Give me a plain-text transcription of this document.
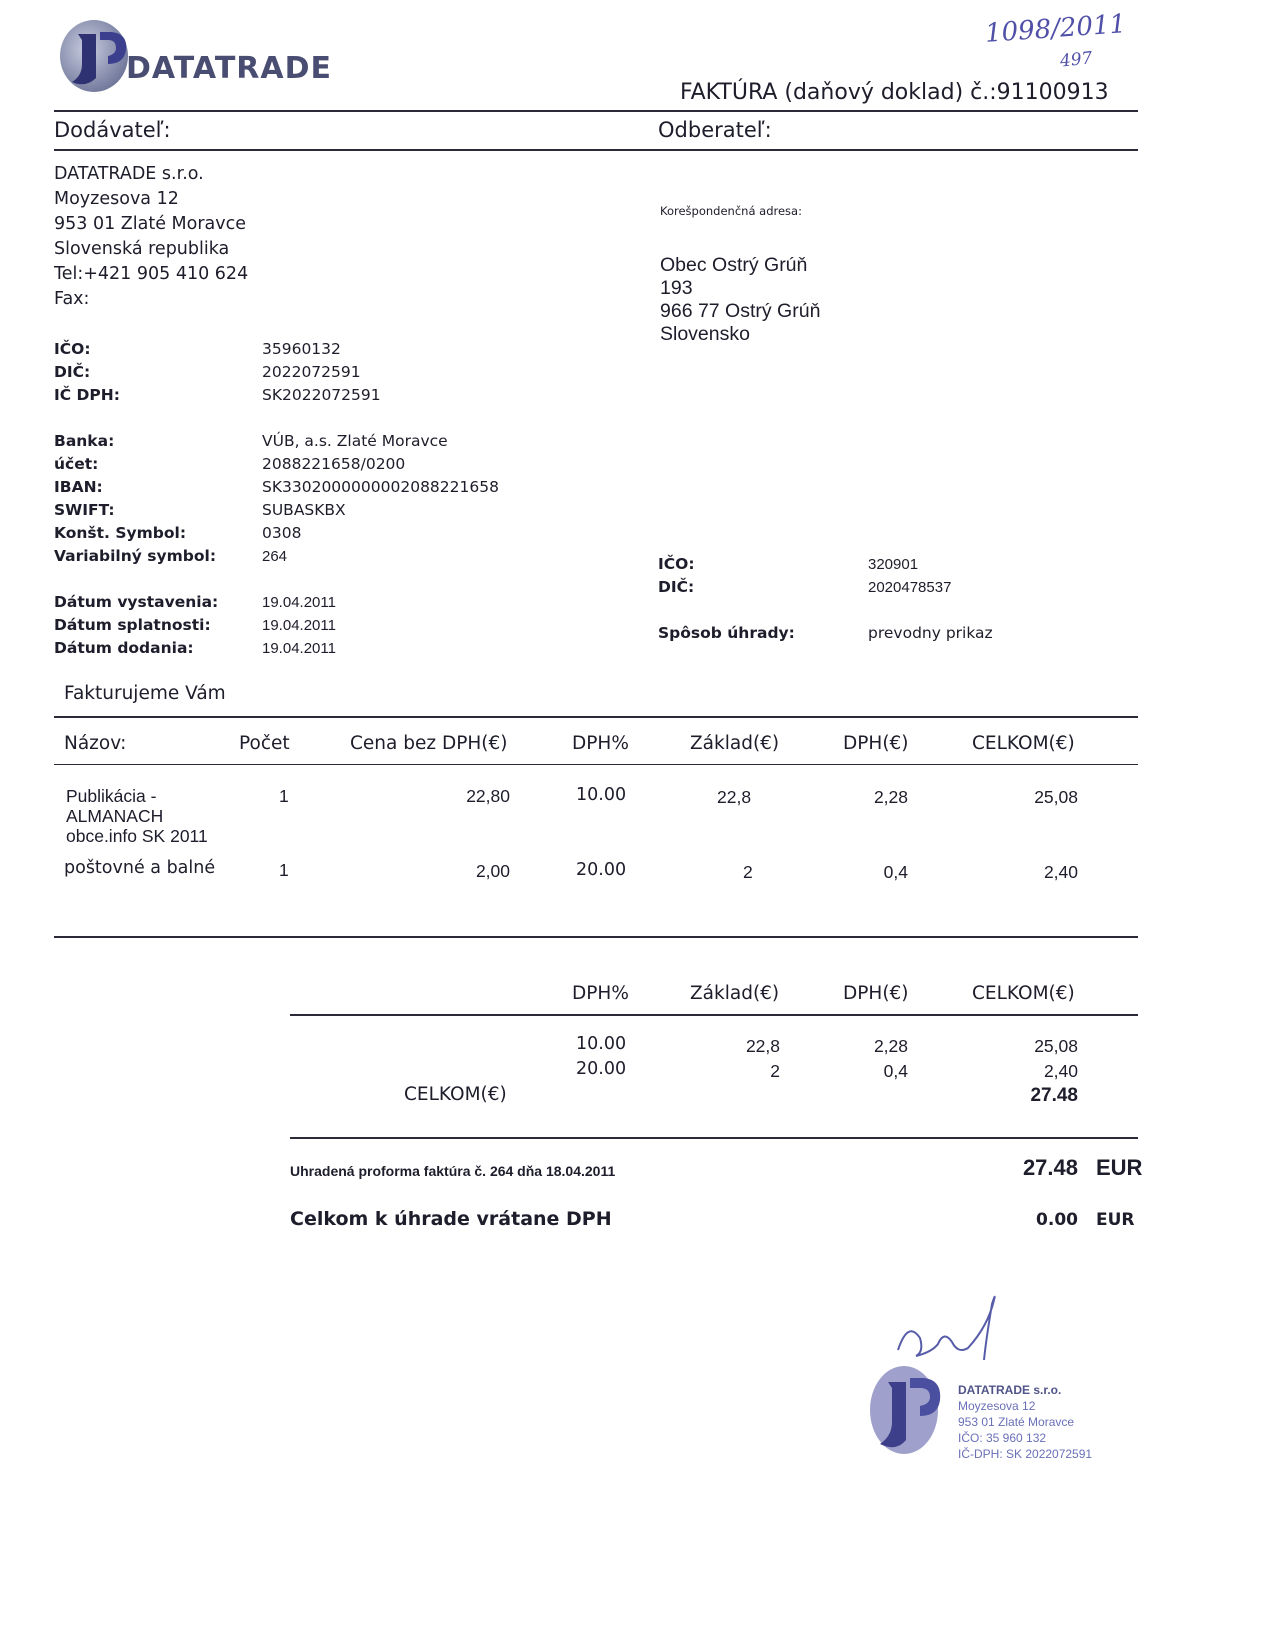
DATATRADE
1098/2011
497
FAKTÚRA (daňový doklad) č.:91100913
Dodávateľ:	Odberateľ:
DATATRADE s.r.o.
Moyzesova 12
953 01 Zlaté Moravce
Slovenská republika
Tel:+421 905 410 624
Fax:
IČO:	35960132
DIČ:	2022072591
IČ DPH:	SK2022072591
Banka:	VÚB, a.s. Zlaté Moravce
účet:	2088221658/0200
IBAN:	SK3302000000002088221658
SWIFT:	SUBASKBX
Konšt. Symbol:	0308
Variabilný symbol:	264
Dátum vystavenia:	19.04.2011
Dátum splatnosti:	19.04.2011
Dátum dodania:	19.04.2011
Korešpondenčná adresa:
Obec Ostrý Grúň
193
966 77 Ostrý Grúň
Slovensko
IČO:	320901
DIČ:	2020478537
Spôsob úhrady:	prevodny prikaz
Fakturujeme Vám
Názov:	Počet	Cena bez DPH(€)	DPH%	Základ(€)	DPH(€)	CELKOM(€)
Publikácia -
ALMANACH
obce.info SK 2011
1	22,80	10.00	22,8	2,28	25,08
poštovné a balné	1	2,00	20.00	2	0,4	2,40
DPH%	Základ(€)	DPH(€)	CELKOM(€)
10.00	22,8	2,28	25,08
20.00	2	0,4	2,40
CELKOM(€)	27.48
Uhradená proforma faktúra č. 264 dňa 18.04.2011	27.48 EUR
Celkom k úhrade vrátane DPH	0.00 EUR
DATATRADE s.r.o.
Moyzesova 12
953 01 Zlaté Moravce
IČO: 35 960 132
IČ-DPH: SK 2022072591
